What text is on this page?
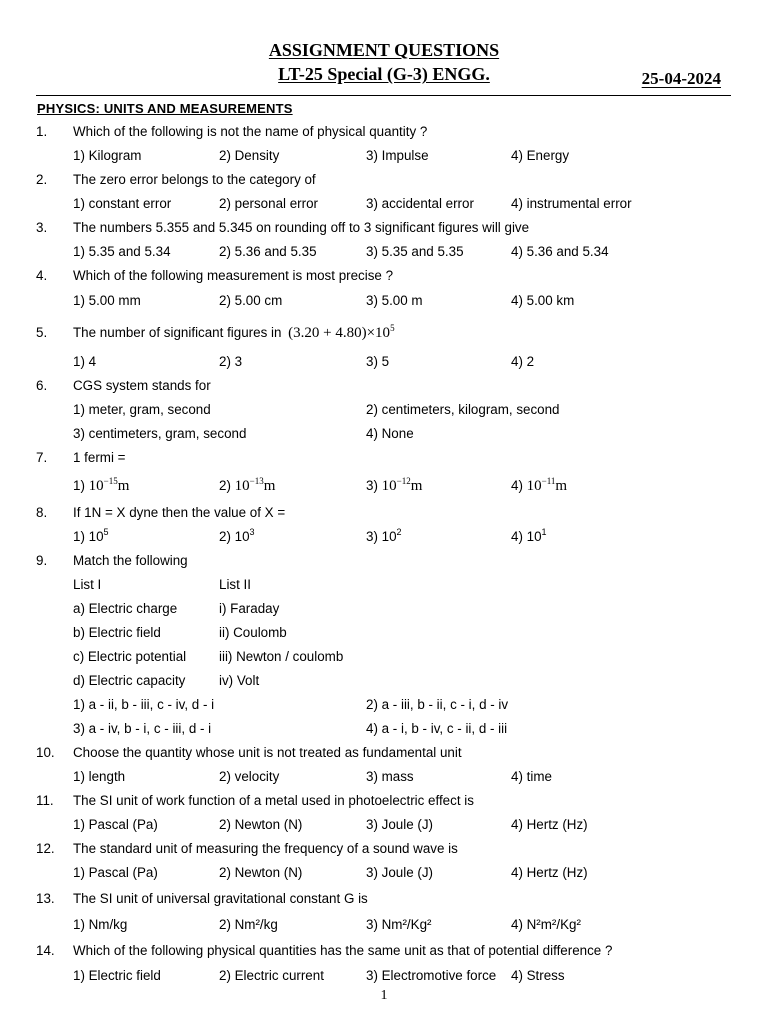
ASSIGNMENT QUESTIONS
LT-25 Special (G-3) ENGG.	25-04-2024
PHYSICS: UNITS AND MEASUREMENTS
1. Which of the following is not the name of physical quantity ?
1) Kilogram	2) Density	3) Impulse	4) Energy
2. The zero error belongs to the category of
1) constant error	2) personal error	3) accidental error	4) instrumental error
3. The numbers 5.355 and 5.345 on rounding off to 3 significant figures will give
1) 5.35 and 5.34	2) 5.36 and 5.35	3) 5.35 and 5.35	4) 5.36 and 5.34
4. Which of the following measurement is most precise ?
1) 5.00 mm	2) 5.00 cm	3) 5.00 m	4) 5.00 km
5. The number of significant figures in $(3.20 + 4.80)\times 10^5$
1) 4	2) 3	3) 5	4) 2
6. CGS system stands for
1) meter, gram, second	2) centimeters, kilogram, second
3) centimeters, gram, second	4) None
7. 1 fermi =
1) $10^{-15}m$	2) $10^{-13}m$	3) $10^{-12}m$	4) $10^{-11}m$
8. If 1N = X dyne then the value of X =
1) $10^5$	2) $10^3$	3) $10^2$	4) $10^1$
9. Match the following
List I	List II
a) Electric charge	i) Faraday
b) Electric field	ii) Coulomb
c) Electric potential iii) Newton / coulomb
d) Electric capacity	iv) Volt
1) a - ii, b - iii, c - iv, d - i	2) a - iii, b - ii, c - i, d - iv
3) a - iv, b - i, c - iii, d - i	4) a - i, b - iv, c - ii, d - iii
10. Choose the quantity whose unit is not treated as fundamental unit
1) length	2) velocity	3) mass	4) time
11. The SI unit of work function of a metal used in photoelectric effect is
1) Pascal (Pa)	2) Newton (N)	3) Joule (J)	4) Hertz (Hz)
12. The standard unit of measuring the frequency of a sound wave is
1) Pascal (Pa)	2) Newton (N)	3) Joule (J)	4) Hertz (Hz)
13. The SI unit of universal gravitational constant G is
1) Nm/kg	2) Nm²/kg	3) Nm²/Kg²	4) N²m²/Kg²
14. Which of the following physical quantities has the same unit as that of potential difference ?
1) Electric field	2) Electric current	3) Electromotive force 4) Stress
1
